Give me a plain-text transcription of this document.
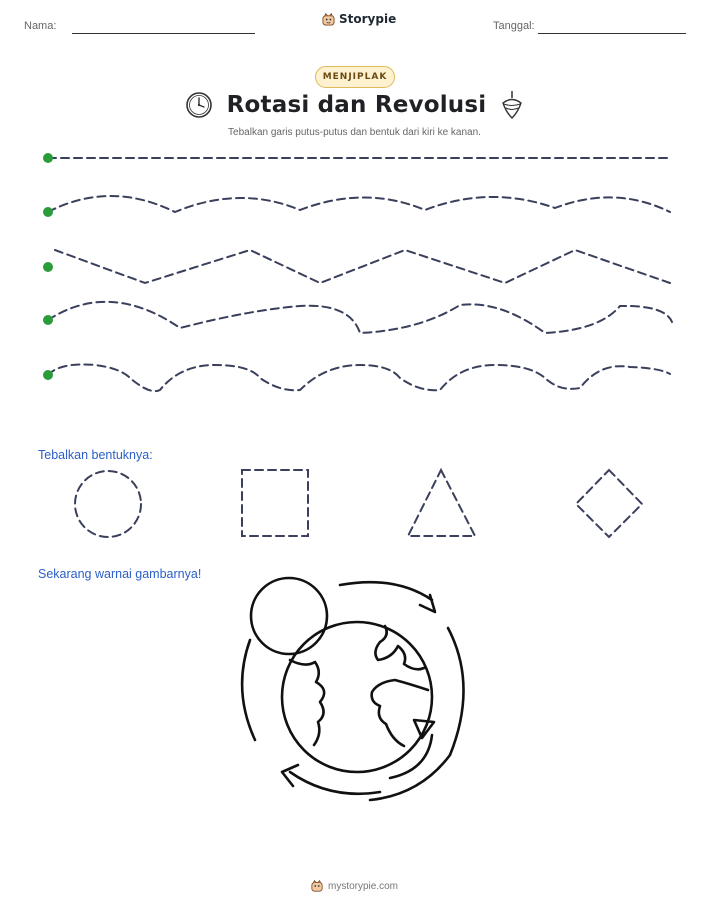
Nama:	Storypie	Tanggal:
MENJIPLAK
Rotasi dan Revolusi
Tebalkan garis putus-putus dan bentuk dari kiri ke kanan.
Tebalkan bentuknya:
Sekarang warnai gambarnya!
mystorypie.com
